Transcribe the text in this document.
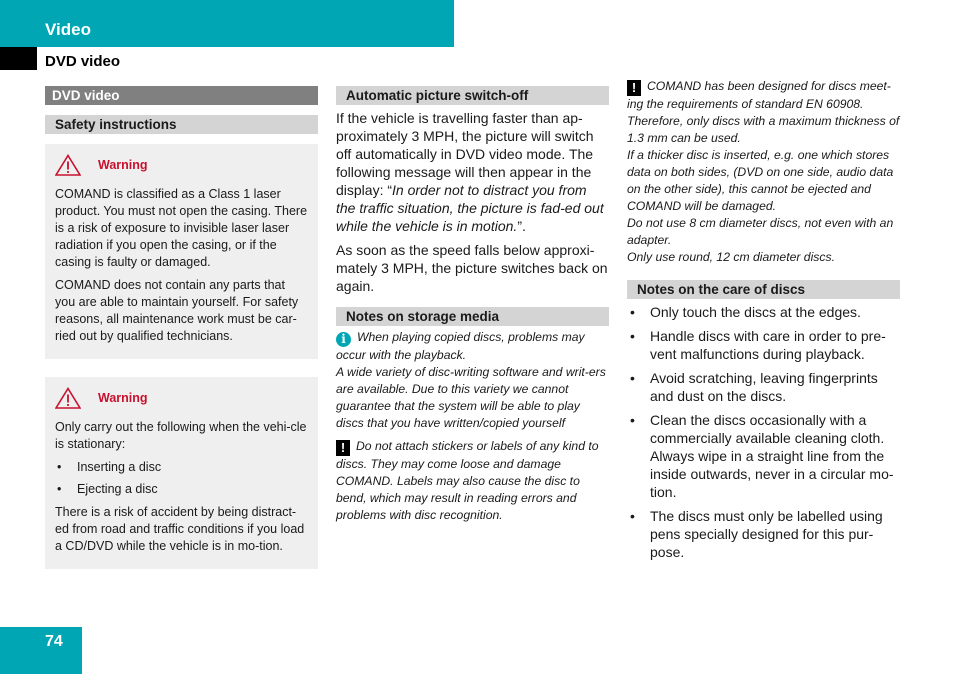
Video
DVD video
DVD video
Safety instructions
Warning

COMAND is classified as a Class 1 laser product. You must not open the casing. There is a risk of exposure to invisible laser laser radiation if you open the casing, or if the casing is faulty or damaged.

COMAND does not contain any parts that you are able to maintain yourself. For safety reasons, all maintenance work must be car-ried out by qualified technicians.

Warning

Only carry out the following when the vehi-cle is stationary:

• Inserting a disc
• Ejecting a disc

There is a risk of accident by being distract-ed from road and traffic conditions if you load a CD/DVD while the vehicle is in mo-tion.

Automatic picture switch-off

If the vehicle is travelling faster than ap-proximately 3 MPH, the picture will switch off automatically in DVD video mode. The following message will then appear in the display: “In order not to distract you from the traffic situation, the picture is fad-ed out while the vehicle is in motion.”.

As soon as the speed falls below approxi-mately 3 MPH, the picture switches back on again.

Notes on storage media

i When playing copied discs, problems may occur with the playback.

A wide variety of disc-writing software and writ-ers are available. Due to this variety we cannot guarantee that the system will be able to play discs that you have written/copied yourself

! Do not attach stickers or labels of any kind to discs. They may come loose and damage COMAND. Labels may also cause the disc to bend, which may result in reading errors and problems with disc recognition.

! COMAND has been designed for discs meet-ing the requirements of standard EN 60908. Therefore, only discs with a maximum thickness of 1.3 mm can be used.

If a thicker disc is inserted, e.g. one which stores data on both sides, (DVD on one side, audio data on the other side), this cannot be ejected and COMAND will be damaged.

Do not use 8 cm diameter discs, not even with an adapter.

Only use round, 12 cm diameter discs.

Notes on the care of discs
• Only touch the discs at the edges.
• Handle discs with care in order to pre-vent malfunctions during playback.
• Avoid scratching, leaving fingerprints and dust on the discs.
• Clean the discs occasionally with a commercially available cleaning cloth. Always wipe in a straight line from the inside outwards, never in a circular mo-tion.
• The discs must only be labelled using pens specially designed for this pur-pose.
74
